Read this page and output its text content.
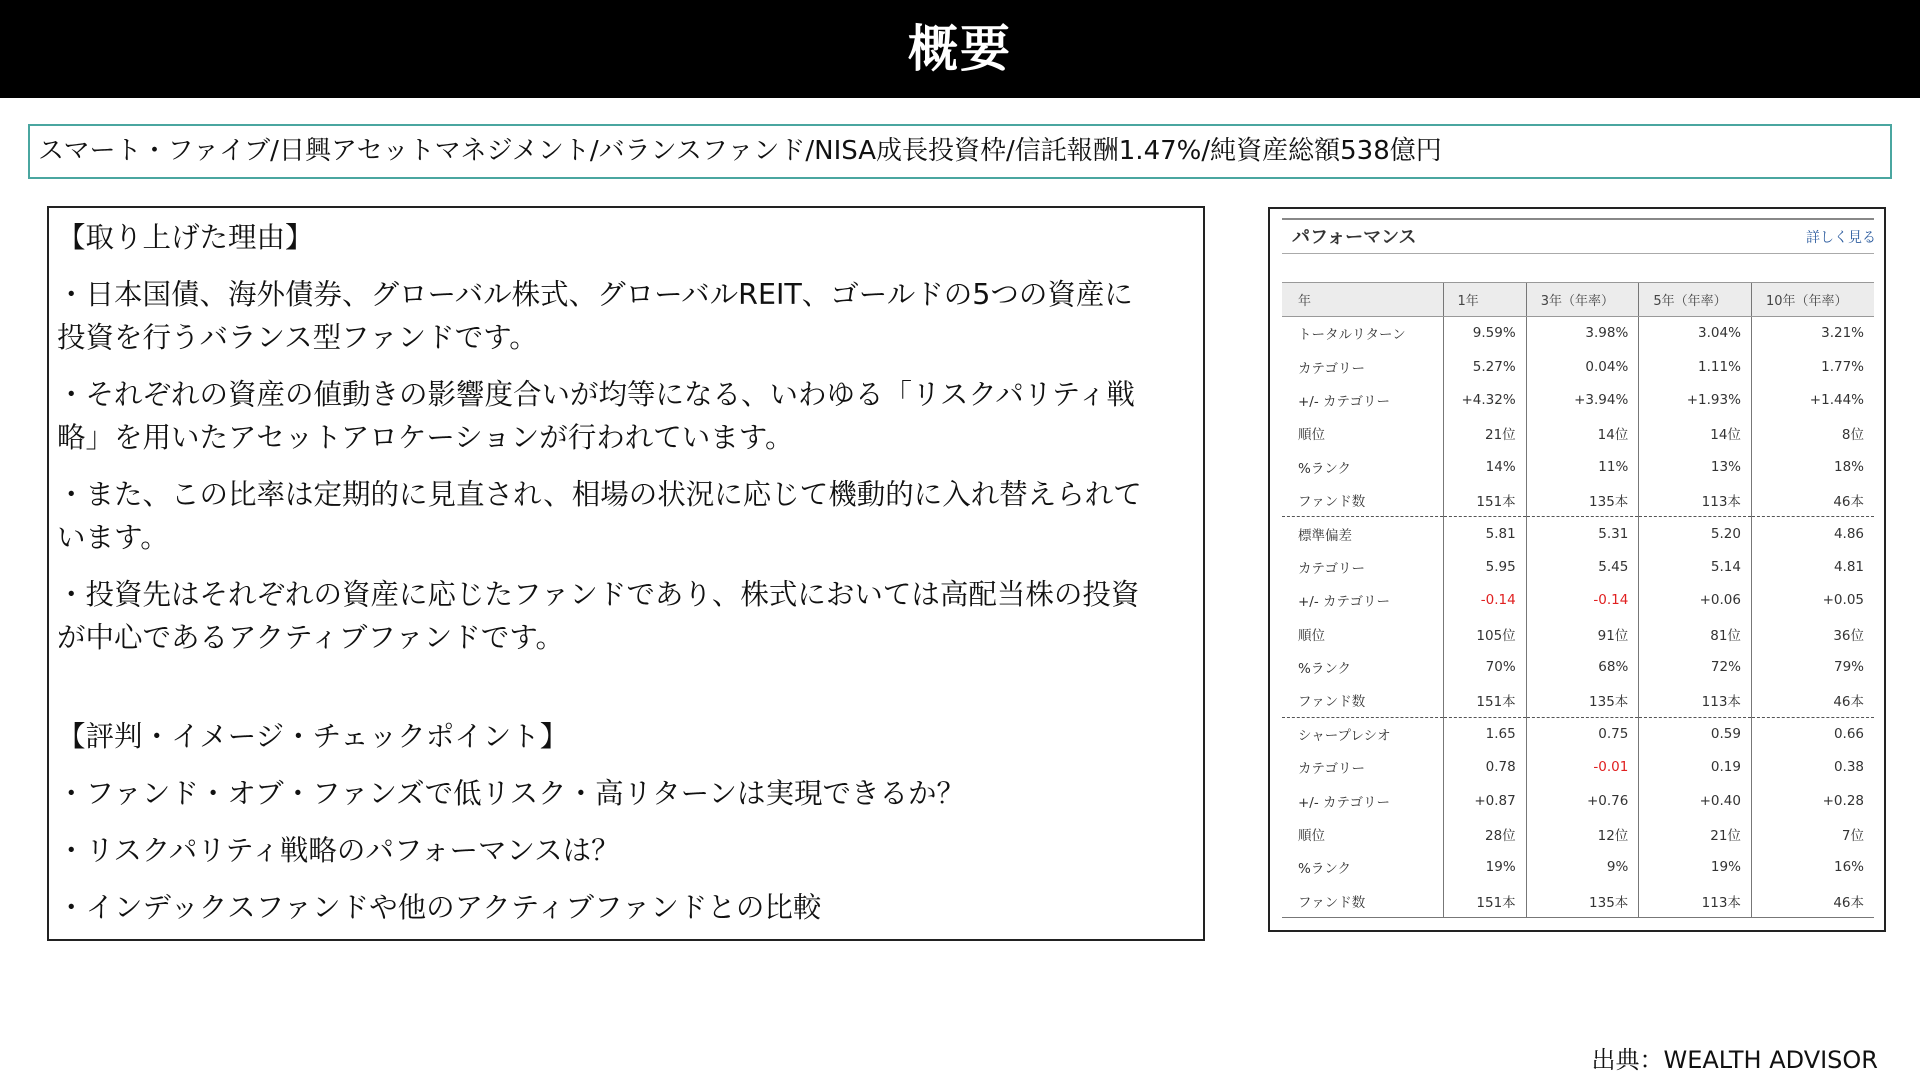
概要
スマート・ファイブ/日興アセットマネジメント/バランスファンド/NISA成長投資枠/信託報酬1.47%/純資産総額538億円
【取り上げた理由】
・日本国債、海外債券、グローバル株式、グローバルREIT、ゴールドの5つの資産に
投資を行うバランス型ファンドです。
・それぞれの資産の値動きの影響度合いが均等になる、いわゆる「リスクパリティ戦
略」を用いたアセットアロケーションが行われています。
・また、この比率は定期的に見直され、相場の状況に応じて機動的に入れ替えられて
います。
・投資先はそれぞれの資産に応じたファンドであり、株式においては高配当株の投資
が中心であるアクティブファンドです。
【評判・イメージ・チェックポイント】
・ファンド・オブ・ファンズで低リスク・高リターンは実現できるか？
・リスクパリティ戦略のパフォーマンスは？
・インデックスファンドや他のアクティブファンドとの比較
パフォーマンス	詳しく見る
年	1年	3年（年率）	5年（年率）	10年（年率）
トータルリターン	9.59%	3.98%	3.04%	3.21%
カテゴリー	5.27%	0.04%	1.11%	1.77%
+/- カテゴリー	+4.32%	+3.94%	+1.93%	+1.44%
順位	21位	14位	14位	8位
%ランク	14%	11%	13%	18%
ファンド数	151本	135本	113本	46本
標準偏差	5.81	5.31	5.20	4.86
カテゴリー	5.95	5.45	5.14	4.81
+/- カテゴリー	-0.14	-0.14	+0.06	+0.05
順位	105位	91位	81位	36位
%ランク	70%	68%	72%	79%
ファンド数	151本	135本	113本	46本
シャープレシオ	1.65	0.75	0.59	0.66
カテゴリー	0.78	-0.01	0.19	0.38
+/- カテゴリー	+0.87	+0.76	+0.40	+0.28
順位	28位	12位	21位	7位
%ランク	19%	9%	19%	16%
ファンド数	151本	135本	113本	46本
出典：WEALTH ADVISOR
